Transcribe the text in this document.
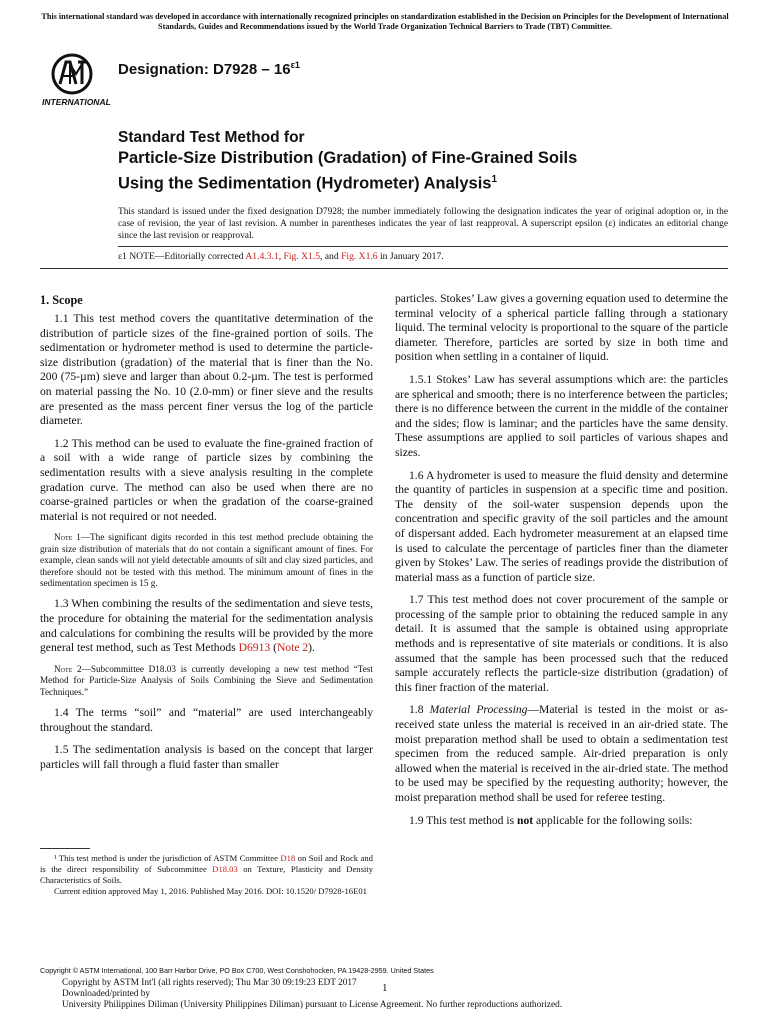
This international standard was developed in accordance with internationally recognized principles on standardization established in the Decision on Principles for the Development of International Standards, Guides and Recommendations issued by the World Trade Organization Technical Barriers to Trade (TBT) Committee.
INTERNATIONAL
Designation: $D7928 - 16^{\varepsilon 1}$
Standard Test Method for
Particle-Size Distribution (Gradation) of Fine-Grained Soils
Using the Sedimentation (Hydrometer) Analysis$^1$
This standard is issued under the fixed designation D7928; the number immediately following the designation indicates the year of original adoption or, in the case of revision, the year of last revision. A number in parentheses indicates the year of last reapproval. A superscript epsilon (ε) indicates an editorial change since the last revision or reapproval.
ε1 NOTE—Editorially corrected A1.4.3.1, Fig. X1.5, and Fig. X1.6 in January 2017.
1. Scope

1.1 This test method covers the quantitative determination of the distribution of particle sizes of the fine-grained portion of soils. The sedimentation or hydrometer method is used to determine the particle-size distribution (gradation) of the material that is finer than the No. 200 (75-µm) sieve and larger than about 0.2-µm. The test is performed on material passing the No. 10 (2.0-mm) or finer sieve and the results are presented as the mass percent finer versus the log of the particle diameter.

1.2 This method can be used to evaluate the fine-grained fraction of a soil with a wide range of particle sizes by combining the sedimentation results with a sieve analysis resulting in the complete gradation curve. The method can also be used when there are no coarse-grained particles or when the gradation of the coarse-grained material is not required or not needed.

Note 1—The significant digits recorded in this test method preclude obtaining the grain size distribution of materials that do not contain a significant amount of fines. For example, clean sands will not yield detectable amounts of silt and clay sized particles, and therefore should not be tested with this method. The minimum amount of fines in the sedimentation specimen is 15 g.

1.3 When combining the results of the sedimentation and sieve tests, the procedure for obtaining the material for the sedimentation analysis and calculations for combining the results will be provided by the more general test method, such as Test Methods D6913 (Note 2).

Note 2—Subcommittee D18.03 is currently developing a new test method “Test Method for Particle-Size Analysis of Soils Combining the Sieve and Sedimentation Techniques.”

1.4 The terms “soil” and “material” are used interchangeably throughout the standard.

1.5 The sedimentation analysis is based on the concept that larger particles will fall through a fluid faster than smaller

particles. Stokes’ Law gives a governing equation used to determine the terminal velocity of a spherical particle falling through a stationary liquid. The terminal velocity is proportional to the square of the particle diameter. Therefore, particles are sorted by size in both time and position when settling in a container of liquid.

1.5.1 Stokes’ Law has several assumptions which are: the particles are spherical and smooth; there is no interference between the particles; there is no difference between the current in the middle of the container and the sides; flow is laminar; and the particles have the same density. These assumptions are applied to soil particles of various shapes and sizes.

1.6 A hydrometer is used to measure the fluid density and determine the quantity of particles in suspension at a specific time and position. The density of the soil-water suspension depends upon the concentration and specific gravity of the soil particles and the amount of dispersant added. Each hydrometer measurement at an elapsed time is used to calculate the percentage of particles finer than the diameter given by Stokes’ Law. The series of readings provide the distribution of material mass as a function of particle size.

1.7 This test method does not cover procurement of the sample or processing of the sample prior to obtaining the reduced sample in any detail. It is assumed that the sample is obtained using appropriate methods and is representative of site materials or conditions. It is also assumed that the sample has been processed such that the reduced sample accurately reflects the particle-size distribution (gradation) of this finer fraction of the material.

1.8 Material Processing—Material is tested in the moist or as-received state unless the material is received in an air-dried state. The moist preparation method shall be used to obtain a sedimentation test specimen from the reduced sample. Air-dried preparation is only allowed when the material is received in the air-dried state. The method to be used may be specified by the requesting authority; however, the moist preparation method shall be used for referee testing.

1.9 This test method is not applicable for the following soils:

¹ This test method is under the jurisdiction of ASTM Committee D18 on Soil and Rock and is the direct responsibility of Subcommittee D18.03 on Texture, Plasticity and Density Characteristics of Soils.
Current edition approved May 1, 2016. Published May 2016. DOI: 10.1520/ D7928-16E01
Copyright © ASTM International, 100 Barr Harbor Drive, PO Box C700, West Conshohocken, PA 19428-2959. United States
1
Copyright by ASTM Int'l (all rights reserved); Thu Mar 30 09:19:23 EDT 2017
Downloaded/printed by
University Philippines Diliman (University Philippines Diliman) pursuant to License Agreement. No further reproductions authorized.
